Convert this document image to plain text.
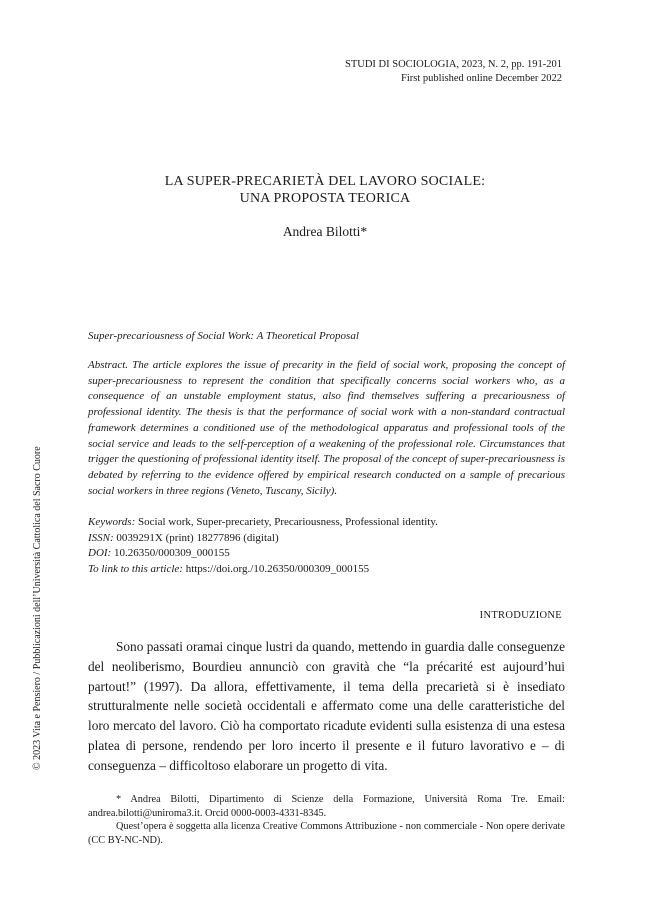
STUDI DI SOCIOLOGIA, 2023, N. 2, pp. 191-201
First published online December 2022
LA SUPER-PRECARIETÀ DEL LAVORO SOCIALE:
UNA PROPOSTA TEORICA
Andrea Bilotti*
Super-precariousness of Social Work: A Theoretical Proposal
Abstract. The article explores the issue of precarity in the field of social work, proposing the concept of super-precariousness to represent the condition that specifically concerns social workers who, as a consequence of an unstable employment status, also find themselves suffering a precariousness of professional identity. The thesis is that the performance of social work with a non-standard contractual framework determines a conditioned use of the methodological apparatus and professional tools of the social service and leads to the self-perception of a weakening of the professional role. Circumstances that trigger the questioning of professional identity itself. The proposal of the concept of super-precariousness is debated by referring to the evidence offered by empirical research conducted on a sample of precarious social workers in three regions (Veneto, Tuscany, Sicily).
Keywords: Social work, Super-precariety, Precariousness, Professional identity.
ISSN: 0039291X (print) 18277896 (digital)
DOI: 10.26350/000309_000155
To link to this article: https://doi.org./10.26350/000309_000155
INTRODUZIONE
Sono passati oramai cinque lustri da quando, mettendo in guardia dalle conseguenze del neoliberismo, Bourdieu annunciò con gravità che “la précarité est aujourd’hui partout!” (1997). Da allora, effettivamente, il tema della precarietà si è insediato strutturalmente nelle società occidentali e affermato come una delle caratteristiche del loro mercato del lavoro. Ciò ha comportato ricadute evidenti sulla esistenza di una estesa platea di persone, rendendo per loro incerto il presente e il futuro lavorativo e – di conseguenza – difficoltoso elaborare un progetto di vita.

* Andrea Bilotti, Dipartimento di Scienze della Formazione, Università Roma Tre. Email: andrea.bilotti@uniroma3.it. Orcid 0000-0003-4331-8345.

Quest’opera è soggetta alla licenza Creative Commons Attribuzione - non commerciale - Non opere derivate (CC BY-NC-ND).

© 2023 Vita e Pensiero / Pubblicazioni dell’Università Cattolica del Sacro Cuore
